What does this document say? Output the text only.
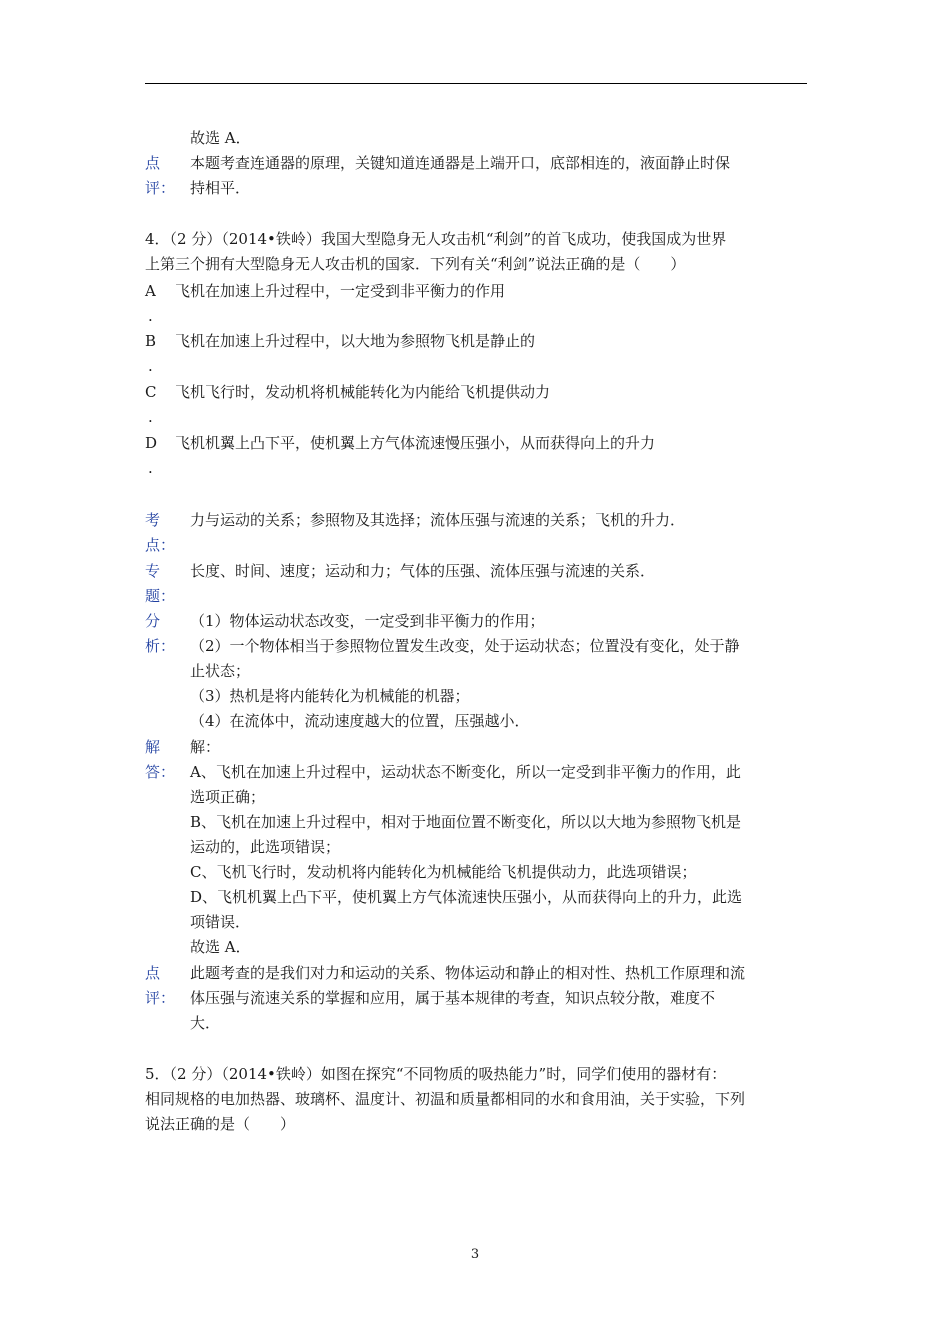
故选 A．
点
评：
本题考查连通器的原理，关键知道连通器是上端开口，底部相连的，液面静止时保
持相平．
4．（2 分）（2014•铁岭）我国大型隐身无人攻击机“利剑”的首飞成功，使我国成为世界
上第三个拥有大型隐身无人攻击机的国家．下列有关“利剑”说法正确的是（　　）
A 飞机在加速上升过程中，一定受到非平衡力的作用
.
B 飞机在加速上升过程中，以大地为参照物飞机是静止的
.
C 飞机飞行时，发动机将机械能转化为内能给飞机提供动力
.
D 飞机机翼上凸下平，使机翼上方气体流速慢压强小，从而获得向上的升力
.
考
点：
力与运动的关系；参照物及其选择；流体压强与流速的关系；飞机的升力．
专
题：
长度、时间、速度；运动和力；气体的压强、流体压强与流速的关系．
分
析：
（1）物体运动状态改变，一定受到非平衡力的作用；
（2）一个物体相当于参照物位置发生改变，处于运动状态；位置没有变化，处于静
止状态；
（3）热机是将内能转化为机械能的机器；
（4）在流体中，流动速度越大的位置，压强越小．
解
答：
解：
A、飞机在加速上升过程中，运动状态不断变化，所以一定受到非平衡力的作用，此
选项正确；
B、飞机在加速上升过程中，相对于地面位置不断变化，所以以大地为参照物飞机是
运动的，此选项错误；
C、飞机飞行时，发动机将内能转化为机械能给飞机提供动力，此选项错误；
D、飞机机翼上凸下平，使机翼上方气体流速快压强小，从而获得向上的升力，此选
项错误．
故选 A．
点
评：
此题考查的是我们对力和运动的关系、物体运动和静止的相对性、热机工作原理和流
体压强与流速关系的掌握和应用，属于基本规律的考查，知识点较分散，难度不
大．
5．（2 分）（2014•铁岭）如图在探究“不同物质的吸热能力”时，同学们使用的器材有：
相同规格的电加热器、玻璃杯、温度计、初温和质量都相同的水和食用油，关于实验，下列
说法正确的是（　　）
3
